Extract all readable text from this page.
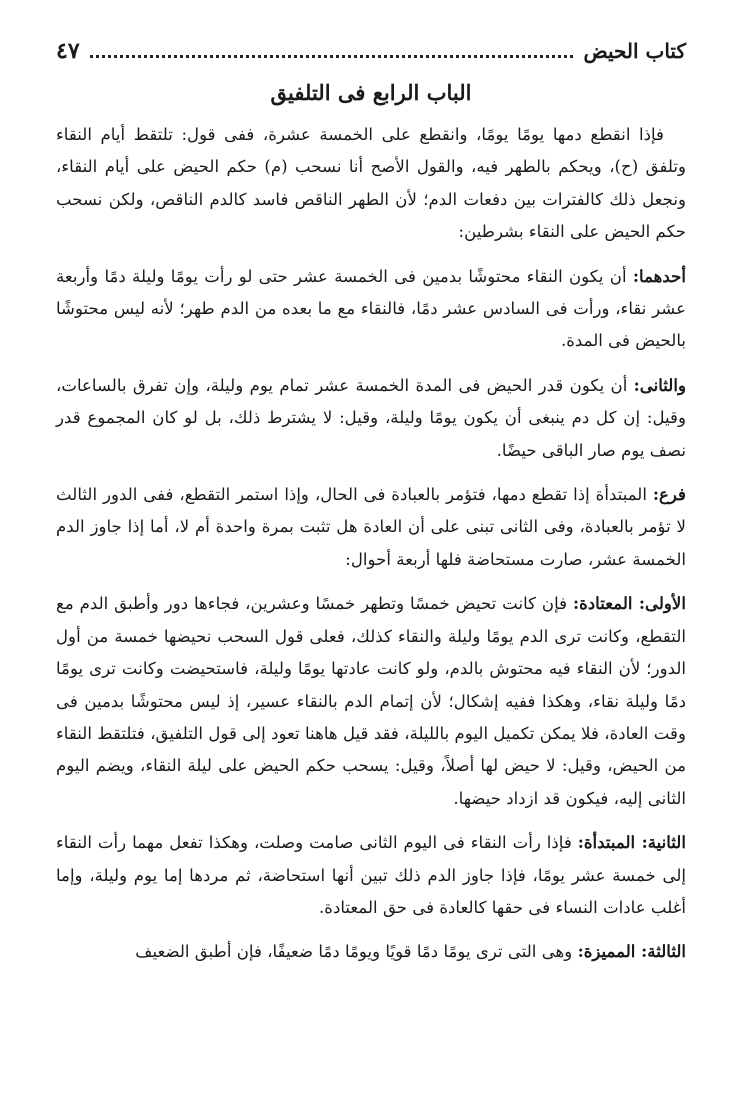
كتاب الحيض
٤٧
الباب الرابع فى التلفيق

فإذا انقطع دمها يومًا يومًا، وانقطع على الخمسة عشرة، ففى قول: تلتقط أيام النقاء وتلفق (ح)، ويحكم بالطهر فيه، والقول الأصح أنا نسحب (م) حكم الحيض على أيام النقاء، ونجعل ذلك كالفترات بين دفعات الدم؛ لأن الطهر الناقص فاسد كالدم الناقص، ولكن نسحب حكم الحيض على النقاء بشرطين:

أحدهما: أن يكون النقاء محتوشًا بدمين فى الخمسة عشر حتى لو رأت يومًا وليلة دمًا وأربعة عشر نقاء، ورأت فى السادس عشر دمًا، فالنقاء مع ما بعده من الدم طهر؛ لأنه ليس محتوشًا بالحيض فى المدة.

والثانى: أن يكون قدر الحيض فى المدة الخمسة عشر تمام يوم وليلة، وإن تفرق بالساعات، وقيل: إن كل دم ينبغى أن يكون يومًا وليلة، وقيل: لا يشترط ذلك، بل لو كان المجموع قدر نصف يوم صار الباقى حيضًا.

فرع: المبتدأة إذا تقطع دمها، فتؤمر بالعبادة فى الحال، وإذا استمر التقطع، ففى الدور الثالث لا تؤمر بالعبادة، وفى الثانى تبنى على أن العادة هل تثبت بمرة واحدة أم لا، أما إذا جاوز الدم الخمسة عشر، صارت مستحاضة فلها أربعة أحوال:

الأولى: المعتادة: فإن كانت تحيض خمسًا وتطهر خمسًا وعشرين، فجاءها دور وأطبق الدم مع التقطع، وكانت ترى الدم يومًا وليلة والنقاء كذلك، فعلى قول السحب نحيضها خمسة من أول الدور؛ لأن النقاء فيه محتوش بالدم، ولو كانت عادتها يومًا وليلة، فاستحيضت وكانت ترى يومًا دمًا وليلة نقاء، وهكذا ففيه إشكال؛ لأن إتمام الدم بالنقاء عسير، إذ ليس محتوشًا بدمين فى وقت العادة، فلا يمكن تكميل اليوم بالليلة، فقد قيل هاهنا تعود إلى قول التلفيق، فتلتقط النقاء من الحيض، وقيل: لا حيض لها أصلاً، وقيل: يسحب حكم الحيض على ليلة النقاء، ويضم اليوم الثانى إليه، فيكون قد ازداد حيضها.

الثانية: المبتدأة: فإذا رأت النقاء فى اليوم الثانى صامت وصلت، وهكذا تفعل مهما رأت النقاء إلى خمسة عشر يومًا، فإذا جاوز الدم ذلك تبين أنها استحاضة، ثم مردها إما يوم وليلة، وإما أغلب عادات النساء فى حقها كالعادة فى حق المعتادة.

الثالثة: المميزة: وهى التى ترى يومًا دمًا قويًا ويومًا دمًا ضعيفًا، فإن أطبق الضعيف
